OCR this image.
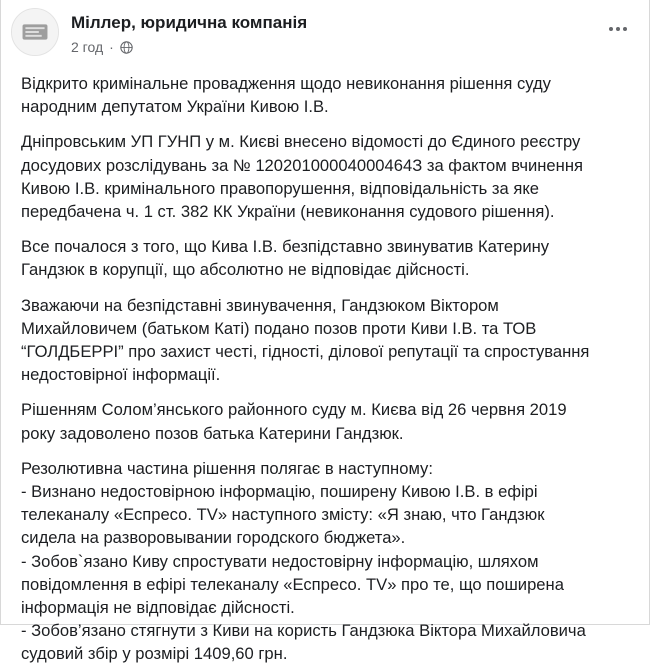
Міллер, юридична компанія
2 год ·

Відкрито кримінальне провадження щодо невиконання рішення суду
народним депутатом України Кивою І.В.

Дніпровським УП ГУНП у м. Києві внесено відомості до Єдиного реєстру
досудових розслідувань за № 12020100004000464З за фактом вчинення
Кивою І.В. кримінального правопорушення, відповідальність за яке
передбачена ч. 1 ст. 382 КК України (невиконання судового рішення).

Все почалося з того, що Кива І.В. безпідставно звинуватив Катерину
Гандзюк в корупції, що абсолютно не відповідає дійсності.

Зважаючи на безпідставні звинувачення, Гандзюком Віктором
Михайловичем (батьком Каті) подано позов проти Киви І.В. та ТОВ
“ГОЛДБЕРРІ” про захист честі, гідності, ділової репутації та спростування
недостовірної інформації.

Рішенням Солом’янського районного суду м. Києва від 26 червня 2019
року задоволено позов батька Катерини Гандзюк.

Резолютивна частина рішення полягає в наступному:
- Визнано недостовірною інформацію, поширену Кивою І.В. в ефірі
телеканалу «Еспресо. TV» наступного змісту: «Я знаю, что Гандзюк
сидела на разворовывании городского бюджета».
- Зобов`язано Киву спростувати недостовірну інформацію, шляхом
повідомлення в ефірі телеканалу «Еспресо. TV» про те, що поширена
інформація не відповідає дійсності.
- Зобов’язано стягнути з Киви на користь Гандзюка Віктора Михайловича
судовий збір у розмірі 1409,60 грн.
